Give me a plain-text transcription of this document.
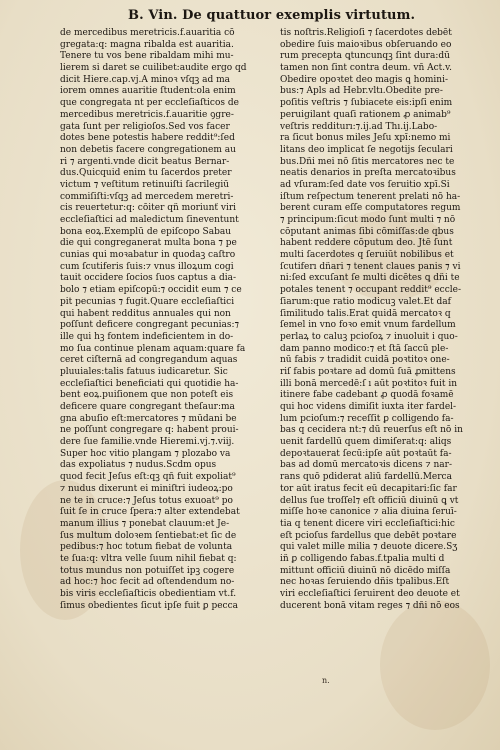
B. Vin. De quattuor exemplis virtutum.
de mercedibus meretricis.f.auaritia cō
gregata:q: magna ribalda est auaritia.
Tenere tu vos bene ribaldam mihi mu-
lierem si daret se cuilibet:audite ergo qd
dicit Hiere.cap.vj.A minoꝛ vſqꝫ ad ma
iorem omnes auaritie ſtudent:ola enim
que congregata nt per eccleſiaſticos de
mercedibus meretricis.f.auaritie ꝯgre-
gata ſunt per religioſos.Sed vos facer
dotes bene potestis habere reddit⁹:ſed
non debetis facere congregationem au
ri ⁊ argenti.vnde dicit beatus Bernar-
dus.Quicquid enim tu ſacerdos preter
victum ⁊ veſtitum retinuiſti ſacrilegiū
commiſiſti:vſqꝫ ad mercedem meretri-
cis reuertetur:q: cōiter qñ moriunť viri
eccleſiaſtici ad maledictum ſineventunt
bona eoꝝ.Exemplū de epiſcopo Sabau
die qui congreganerat multa bona ⁊ pe
cunias qui moꝛabatur in quodaꝫ caſtro
cum ſcutiferis ſuis:⁊ vnus illoꝝum cogi
tauit occidere ſocios ſuos captus a dia-
bolo ⁊ etiam epiſcopū:⁊ occidit eum ⁊ ce
pit pecunias ⁊ fugit.Quare eccleſiaſtici
qui habent redditus annuales qui non
poſſunt deficere congregant pecunias:⁊
ille qui hꝫ fontem indeficientem in do-
mo ſua continue plenam aquam:quare fa
ceret ciſternā ad congregandum aquas
pluuiales:talis fatuus iudicaretur. Sic
eccleſiaſtici beneficiati qui quotidie ha-
bent eoꝝ.puiſionem que non poteſt eis
deficere quare congregant theſaur:ma
gna abuſio eſt:mercatores ⁊ mūdani be
ne poſſunt congregare q: habent proui-
dere ſue familie.vnde Hieremi.vj.⁊.viij.
Super hoc vitio plangam ⁊ plozabo va
das expoliatus ⁊ nudus.Scdm opus
quod fecit Jeſus eſt:qꝫ qñ fuit expoliat⁹
⁊ nudus dixerunt ei miniſtri iudeoꝝ:po
ne te in cruce:⁊ Jeſus totus exuoat⁹ po
ſuit ſe in cruce ſpera:⁊ alter extendebat
manum illius ⁊ ponebat clauum:et Je-
ſus multum doloꝛem ſentiebat:et ſic de
pedibus:⁊ hoc totum fiebat de volunta
te ſua:q: vltra velle ſuum nihil fiebat q:
totus mundus non potuiſſet ipꝫ cogere
ad hoc:⁊ hoc fecit ad oſtendendum no-
bis viris eccleſiaſticis obedientiam vt.f.
ſimus obedientes ſicut ipſe fuit ꝑ pecca
tis noſtris.Religioſi ⁊ ſacerdotes debēt
obedire ſuis maioꝛibus obſeruando eo
rum precepta ꝗtuncunqꝫ ſint dura:dū
tamen non ſint contra deum. vñ Act.v.
Obedire opoꝛtet deo magis ꝗ homini-
bus:⁊ Apls ad Hebr.vltı.Obedite pre-
poſitis veſtris ⁊ ſubiacete eis:ipſi enim
peruigilant quaſi rationem ꝓ animab⁹
veſtris redditurı:⁊.ij.ad Thı.ij.Labo-
ra ſicut bonus miles Jeſu xpī:nemo mi
litans deo implicat ſe negotijs ſeculari
bus.Dñi mei nō ſitis mercatores nec te
neatis denarios in preſta mercatoꝛibus
ad vſuram:ſed date vos ſeruitio xpī.Si
iſtum reſpectum tenerent prelati nō ha-
berent curam eſſe computatores regum
⁊ principum:ſicut modo ſunt multi ⁊ nō
cōputant animas ſibi cōmiſſas:de qbus
habent reddere cōputum deo. Jtē ſunt
multi ſacerdotes q ſeruiūt nobilibus et
ſcutiferı dñari ⁊ tenent claues panis ⁊ vi
ni:ſed excuſant ſe multi dicētes ꝗ dñi te
potales tenent ⁊ occupant reddit⁹ eccle-
ſiarum:que ratio modicuꝫ valet.Et daf
ſimilitudo talis.Erat quidā mercatoꝛ q
ſemel in vno foꝛo emit vnum fardellum
perlaꝝ to caluꝫ pcioſoꝝ ⁊ inuoluit i quo-
dam panno modico:⁊ et ſtā ſaccū ple-
nū fabis ⁊ tradidit cuidā poꝛtitoꝛ one-
riſ fabis poꝛtare ad domū ſuā ꝓmittens
illi bonā mercedē:ſ ı aūt poꝛtitoꝛ fuit in
itinere fabe cadebant ꝓ quodā foꝛamē
qui hoc videns dimiſit iuxta iter fardel-
lum pcioſum:⁊ receſſit ꝑ colligendo fa-
bas q cecidera nt:⁊ dū reuerſus eſt nō in
uenit fardellū quem dimiſerat:q: aliqs
depoꝛtauerat ſecū:ipſe aūt poꝛtaūt fa-
bas ad domū mercatoꝛis dicens ⁊ nar-
rans quō pdiderat aliū fardellū.Merca
tor aūt iratus fecit eū decapitari:ſic far
dellus ſue troſſel⁊ eſt officiū diuinū ꝗ vt
miſſe hoꝛe canonice ⁊ alia diuina ſeruī-
tia q tenent dicere viri eccleſiaſtici:hic
eſt pcioſus fardellus que debēt poꝛtare
qui valet mille milia ⁊ deuote dicere.Sʒ
iñ ꝑ colligendo fabas.f.tpalia multi d
mittunt officiū diuinū nō dicēdo miſſa
nec hoꝛas ſeruiendo dñis tpalibus.Eſt
viri eccleſiaſtici ſeruirent deo deuote et
ducerent bonā vitam reges ⁊ dñi nō eos
n.
